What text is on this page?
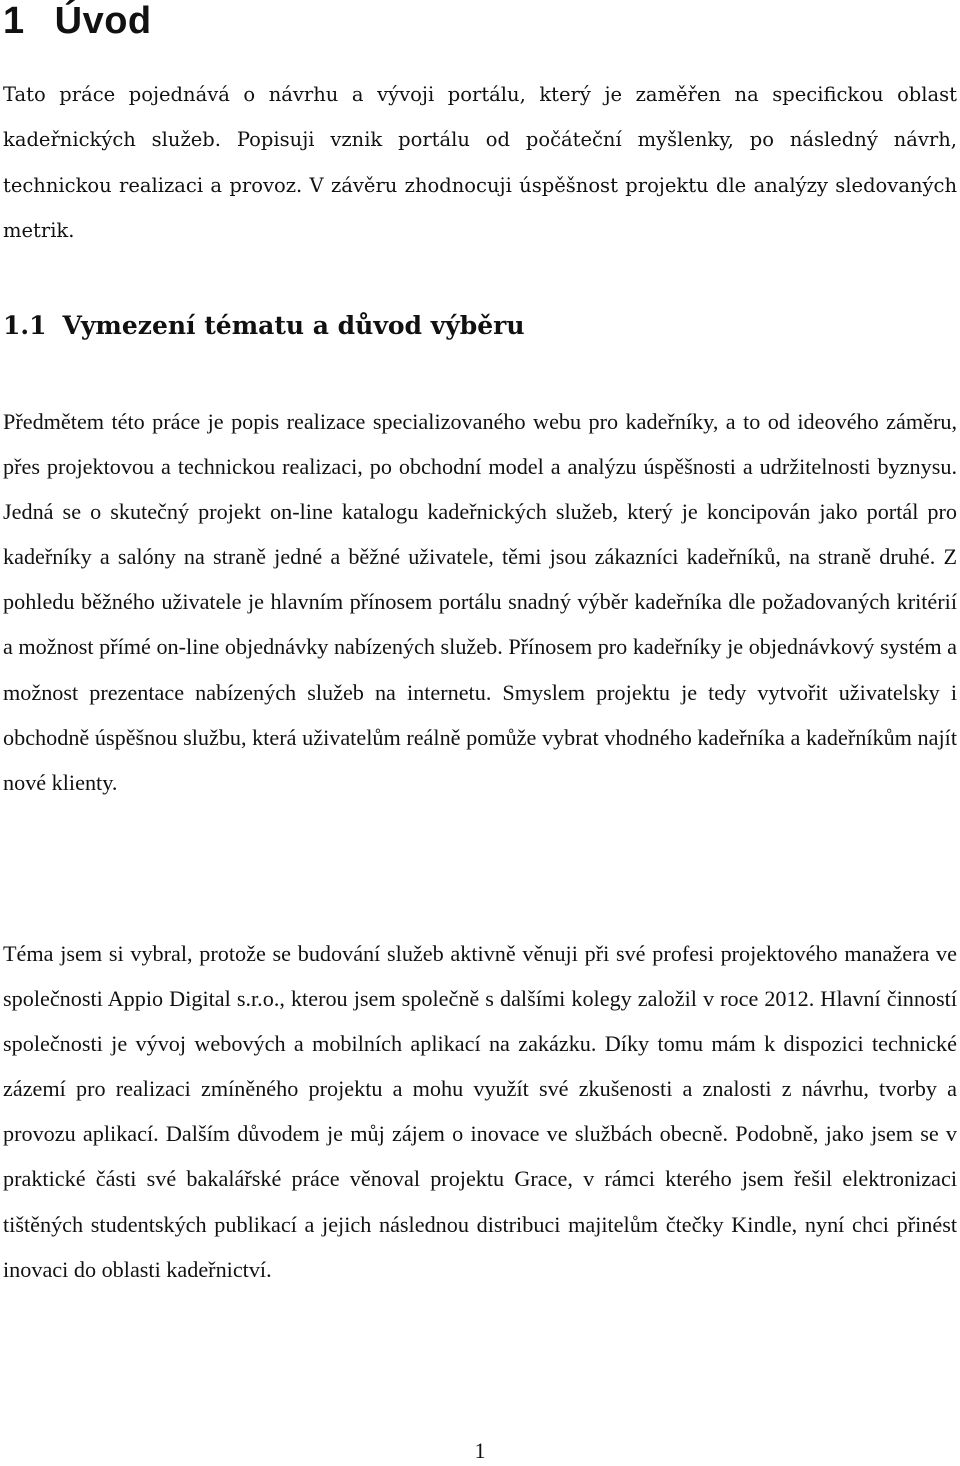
1 Úvod

Tato práce pojednává o návrhu a vývoji portálu, který je zaměřen na specifickou oblast kadeřnických služeb. Popisuji vznik portálu od počáteční myšlenky, po následný návrh, technickou realizaci a provoz. V závěru zhodnocuji úspěšnost projektu dle analýzy sledovaných metrik.

1.1 Vymezení tématu a důvod výběru

Předmětem této práce je popis realizace specializovaného webu pro kadeřníky, a to od ideového záměru, přes projektovou a technickou realizaci, po obchodní model a analýzu úspěšnosti a udržitelnosti byznysu. Jedná se o skutečný projekt on-line katalogu kadeřnických služeb, který je koncipován jako portál pro kadeřníky a salóny na straně jedné a běžné uživatele, těmi jsou zákazníci kadeřníků, na straně druhé. Z pohledu běžného uživatele je hlavním přínosem portálu snadný výběr kadeřníka dle požadovaných kritérií a možnost přímé on-line objednávky nabízených služeb. Přínosem pro kadeřníky je objednávkový systém a možnost prezentace nabízených služeb na internetu. Smyslem projektu je tedy vytvořit uživatelsky i obchodně úspěšnou službu, která uživatelům reálně pomůže vybrat vhodného kadeřníka a kadeřníkům najít nové klienty.

Téma jsem si vybral, protože se budování služeb aktivně věnuji při své profesi projektového manažera ve společnosti Appio Digital s.r.o., kterou jsem společně s dalšími kolegy založil v roce 2012. Hlavní činností společnosti je vývoj webových a mobilních aplikací na zakázku. Díky tomu mám k dispozici technické zázemí pro realizaci zmíněného projektu a mohu využít své zkušenosti a znalosti z návrhu, tvorby a provozu aplikací. Dalším důvodem je můj zájem o inovace ve službách obecně. Podobně, jako jsem se v praktické části své bakalářské práce věnoval projektu Grace, v rámci kterého jsem řešil elektronizaci tištěných studentských publikací a jejich následnou distribuci majitelům čtečky Kindle, nyní chci přinést inovaci do oblasti kadeřnictví.

1
